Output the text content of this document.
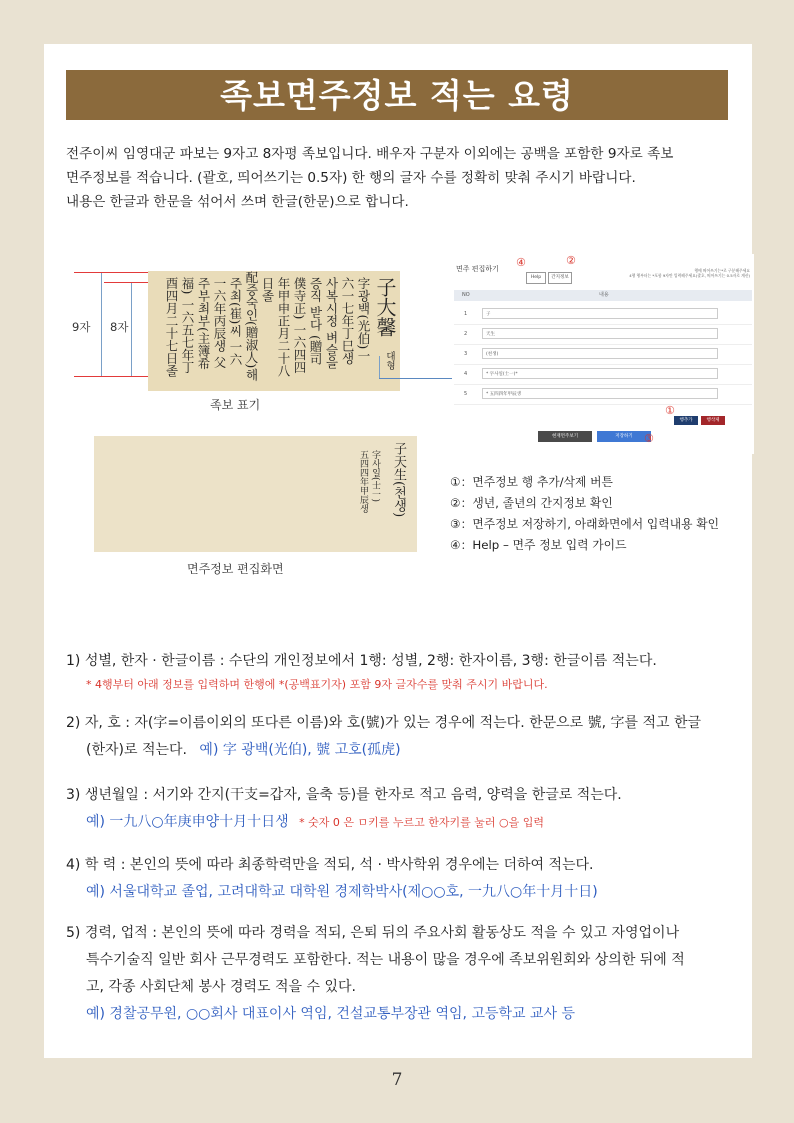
족보면주정보 적는 요령

전주이씨 임영대군 파보는 9자고 8자평 족보입니다. 배우자 구분자 이외에는 공백을 포함한 9자로 족보

면주정보를 적습니다. (괄호, 띄어쓰기는 0.5자) 한 행의 글자 수를 정확히 맞춰 주시기 바랍니다.

내용은 한글과 한문을 섞어서 쓰며 한글(한문)으로 합니다.

9자 8자	子大馨
대형
字광백(光伯)一
六一七年丁巳생
사복시정 벼슬을
증직 받다 (贈司
僕寺正) 一六四四
年甲申正月二十八
日졸
配증숙인(贈淑人)해
주최(崔)씨 一六
一六年丙辰생 父
주부최부(主簿希
福) 一六五七年丁
酉四月二十七日졸
족보 표기
子天生(천생)
字사일(士一)
五四四年甲辰생
면주정보 편집화면
면주 편집하기
Help	간지정보
행에 띄어쓰기는*로 구분해주세요
4행 행부터는 *포함 9자만 입력해주세요(괄호, 띄어쓰기는 0.5자로 계산)
NO	내용
1	子
2	天生
3	(천생)
4	* 字사일(士一)*
5	* 五四四年甲辰생
행추가	행삭제
현재면주보기	저장하기
④	②
①
③
①：면주정보 행 추가/삭제 버튼
②：생년, 졸년의 간지정보 확인
③：면주정보 저장하기, 아래화면에서 입력내용 확인
④：Help – 면주 정보 입력 가이드
1) 성별, 한자 · 한글이름 : 수단의 개인정보에서 1행: 성별, 2행: 한자이름, 3행: 한글이름 적는다.
* 4행부터 아래 정보를 입력하며 한행에 *(공백표기자) 포함 9자 글자수를 맞춰 주시기 바랍니다.
2) 자, 호 : 자(字=이름이외의 또다른 이름)와 호(號)가 있는 경우에 적는다. 한문으로 號, 字를 적고 한글
(한자)로 적는다. 예) 字 광백(光伯), 號 고호(孤虎)
3) 생년월일 : 서기와 간지(干支=갑자, 을축 등)를 한자로 적고 음력, 양력을 한글로 적는다.
예) 一九八○年庚申양十月十日생 * 숫자 0 은 ㅁ키를 누르고 한자키를 눌러 ○을 입력
4) 학 력 : 본인의 뜻에 따라 최종학력만을 적되, 석 · 박사학위 경우에는 더하여 적는다.
예) 서울대학교 졸업, 고려대학교 대학원 경제학박사(제○○호, 一九八○年十月十日)
5) 경력, 업적 : 본인의 뜻에 따라 경력을 적되, 은퇴 뒤의 주요사회 활동상도 적을 수 있고 자영업이나
특수기술직 일반 회사 근무경력도 포함한다. 적는 내용이 많을 경우에 족보위원회와 상의한 뒤에 적
고, 각종 사회단체 봉사 경력도 적을 수 있다.
예) 경찰공무원, ○○회사 대표이사 역임, 건설교통부장관 역임, 고등학교 교사 등
7
